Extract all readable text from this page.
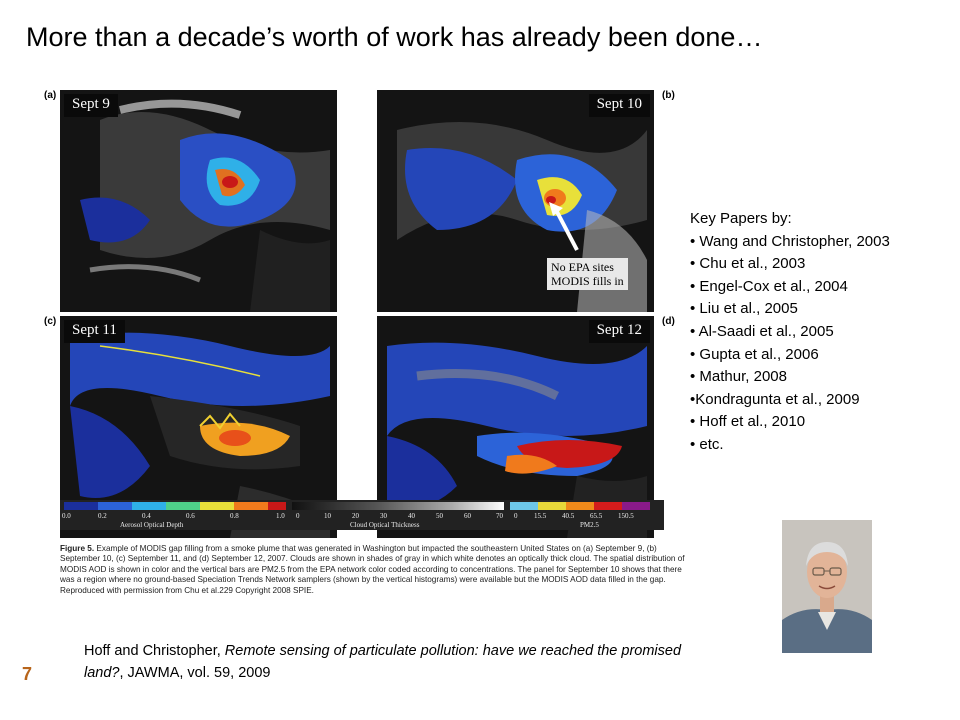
More than a decade’s worth of work has already been done…
(a)	(b)
(c)	(d)
Sept 9	Sept 10
No EPA sites
MODIS fills in
Sept 11	Sept 12
0.0	0.2	0.4	0.6	0.8	1.0 0	10	20	30	40	50	60	70 0 15.5 40.5 65.5 150.5
Aerosol Optical Depth	Cloud Optical Thickness	PM2.5
Figure 5. Example of MODIS gap filling from a smoke plume that was generated in Washington but impacted the southeastern United States on (a) September 9, (b) September 10, (c) September 11, and (d) September 12, 2007. Clouds are shown in shades of gray in which white denotes an optically thick cloud. The spatial distribution of MODIS AOD is shown in color and the vertical bars are PM2.5 from the EPA network color coded according to concentrations. The panel for September 10 shows that there was a region where no ground-based Speciation Trends Network samplers (shown by the vertical histograms) were available but the MODIS AOD data filled in the gap. Reproduced with permission from Chu et al.229 Copyright 2008 SPIE.
Key Papers by:
• Wang and Christopher, 2003
• Chu et al., 2003
• Engel-Cox et al., 2004
• Liu et al., 2005
• Al-Saadi et al., 2005
• Gupta et al., 2006
• Mathur, 2008
•Kondragunta et al., 2009
• Hoff et al., 2010
• etc.
Hoff and Christopher, Remote sensing of particulate pollution: have we reached the promised land?, JAWMA, vol. 59, 2009
7
